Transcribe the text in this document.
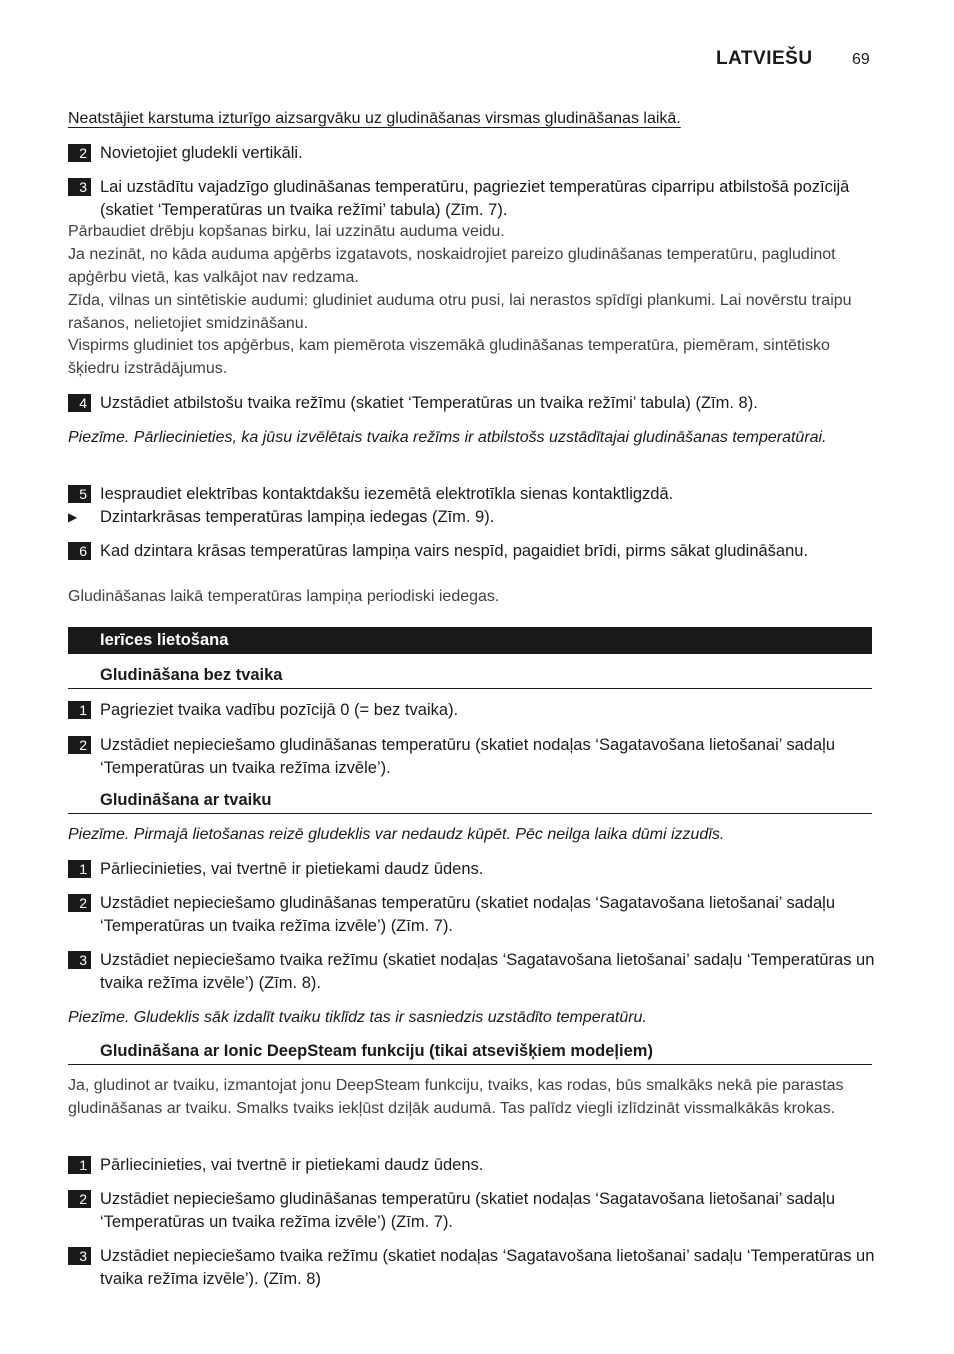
LATVIEŠU 69
Neatstājiet karstuma izturīgo aizsargvāku uz gludināšanas virsmas gludināšanas laikā.
2 Novietojiet gludekli vertikāli.
3 Lai uzstādītu vajadzīgo gludināšanas temperatūru, pagrieziet temperatūras ciparripu atbilstošā pozīcijā (skatiet ‘Temperatūras un tvaika režīmi’ tabula) (Zīm. 7).
Pārbaudiet drēbju kopšanas birku, lai uzzinātu auduma veidu.
Ja nezināt, no kāda auduma apģērbs izgatavots, noskaidrojiet pareizo gludināšanas temperatūru, pagludinot apģērbu vietā, kas valkājot nav redzama.
Zīda, vilnas un sintētiskie audumi: gludiniet auduma otru pusi, lai nerastos spīdīgi plankumi. Lai novērstu traipu rašanos, nelietojiet smidzināšanu.
Vispirms gludiniet tos apģērbus, kam piemērota viszemākā gludināšanas temperatūra, piemēram, sintētisko šķiedru izstrādājumus.
4 Uzstādiet atbilstošu tvaika režīmu (skatiet ‘Temperatūras un tvaika režīmi’ tabula) (Zīm. 8).
Piezīme. Pārliecinieties, ka jūsu izvēlētais tvaika režīms ir atbilstošs uzstādītajai gludināšanas temperatūrai.
5 Iespraudiet elektrības kontaktdakšu iezemētā elektrotīkla sienas kontaktligzdā.
▶ Dzintarkrāsas temperatūras lampiņa iedegas (Zīm. 9).
6 Kad dzintara krāsas temperatūras lampiņa vairs nespīd, pagaidiet brīdi, pirms sākat gludināšanu.
Gludināšanas laikā temperatūras lampiņa periodiski iedegas.
Ierīces lietošana
Gludināšana bez tvaika
1 Pagrieziet tvaika vadību pozīcijā 0 (= bez tvaika).
2 Uzstādiet nepieciešamo gludināšanas temperatūru (skatiet nodaļas ‘Sagatavošana lietošanai’ sadaļu ‘Temperatūras un tvaika režīma izvēle’).
Gludināšana ar tvaiku
Piezīme. Pirmajā lietošanas reizē gludeklis var nedaudz kūpēt. Pēc neilga laika dūmi izzudīs.
1 Pārliecinieties, vai tvertnē ir pietiekami daudz ūdens.
2 Uzstādiet nepieciešamo gludināšanas temperatūru (skatiet nodaļas ‘Sagatavošana lietošanai’ sadaļu ‘Temperatūras un tvaika režīma izvēle’) (Zīm. 7).
3 Uzstādiet nepieciešamo tvaika režīmu (skatiet nodaļas ‘Sagatavošana lietošanai’ sadaļu ‘Temperatūras un tvaika režīma izvēle’) (Zīm. 8).
Piezīme. Gludeklis sāk izdalīt tvaiku tiklīdz tas ir sasniedzis uzstādīto temperatūru.
Gludināšana ar Ionic DeepSteam funkciju (tikai atsevišķiem modeļiem)
Ja, gludinot ar tvaiku, izmantojat jonu DeepSteam funkciju, tvaiks, kas rodas, būs smalkāks nekā pie parastas gludināšanas ar tvaiku. Smalks tvaiks iekļūst dziļāk audumā. Tas palīdz viegli izlīdzināt vissmalkākās krokas.
1 Pārliecinieties, vai tvertnē ir pietiekami daudz ūdens.
2 Uzstādiet nepieciešamo gludināšanas temperatūru (skatiet nodaļas ‘Sagatavošana lietošanai’ sadaļu ‘Temperatūras un tvaika režīma izvēle’) (Zīm. 7).
3 Uzstādiet nepieciešamo tvaika režīmu (skatiet nodaļas ‘Sagatavošana lietošanai’ sadaļu ‘Temperatūras un tvaika režīma izvēle’). (Zīm. 8)
